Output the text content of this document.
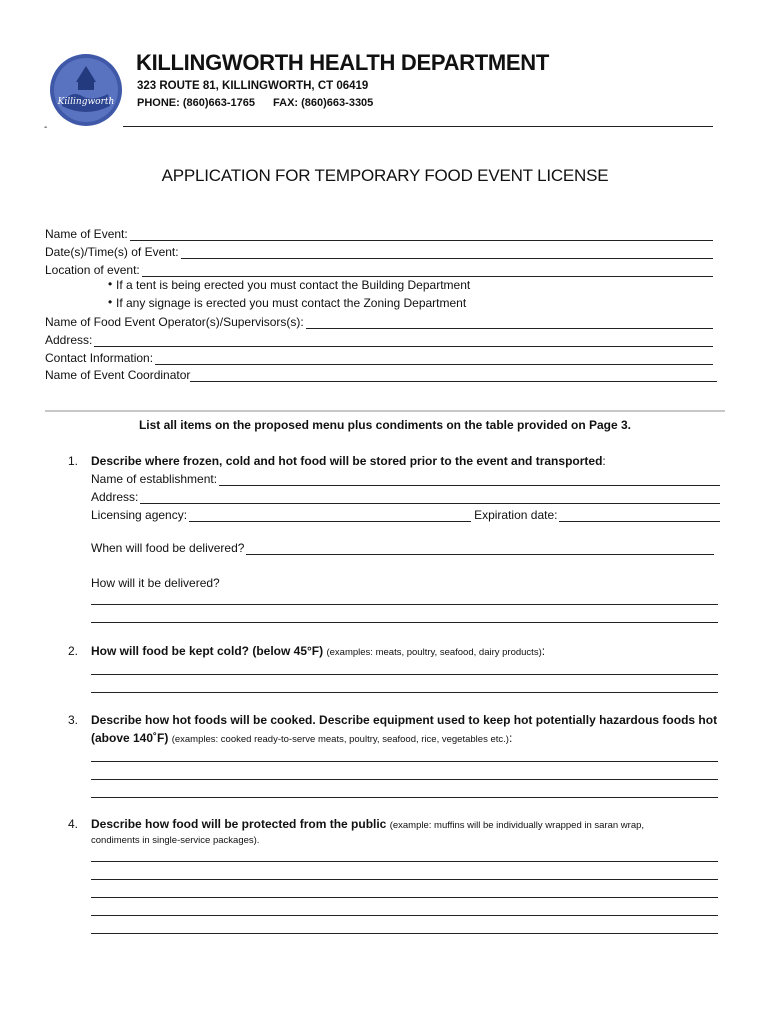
Killingworth
-
KILLINGWORTH HEALTH DEPARTMENT
323 ROUTE 81, KILLINGWORTH, CT 06419
PHONE: (860)663-1765 FAX: (860)663-3305
APPLICATION FOR TEMPORARY FOOD EVENT LICENSE
Name of Event:
Date(s)/Time(s) of Event:
Location of event:
• If a tent is being erected you must contact the Building Department
• If any signage is erected you must contact the Zoning Department
Name of Food Event Operator(s)/Supervisors(s):
Address:
Contact Information:
Name of Event Coordinator
List all items on the proposed menu plus condiments on the table provided on Page 3.
1. Describe where frozen, cold and hot food will be stored prior to the event and transported:
Name of establishment:
Address:
Licensing agency:	Expiration date:
When will food be delivered?
How will it be delivered?
2. How will food be kept cold? (below 45°F) (examples: meats, poultry, seafood, dairy products):
3. Describe how hot foods will be cooked. Describe equipment used to keep hot potentially hazardous foods hot
(above 140˚F) (examples: cooked ready-to-serve meats, poultry, seafood, rice, vegetables etc.):
4. Describe how food will be protected from the public (example: muffins will be individually wrapped in saran wrap,
condiments in single-service packages).
